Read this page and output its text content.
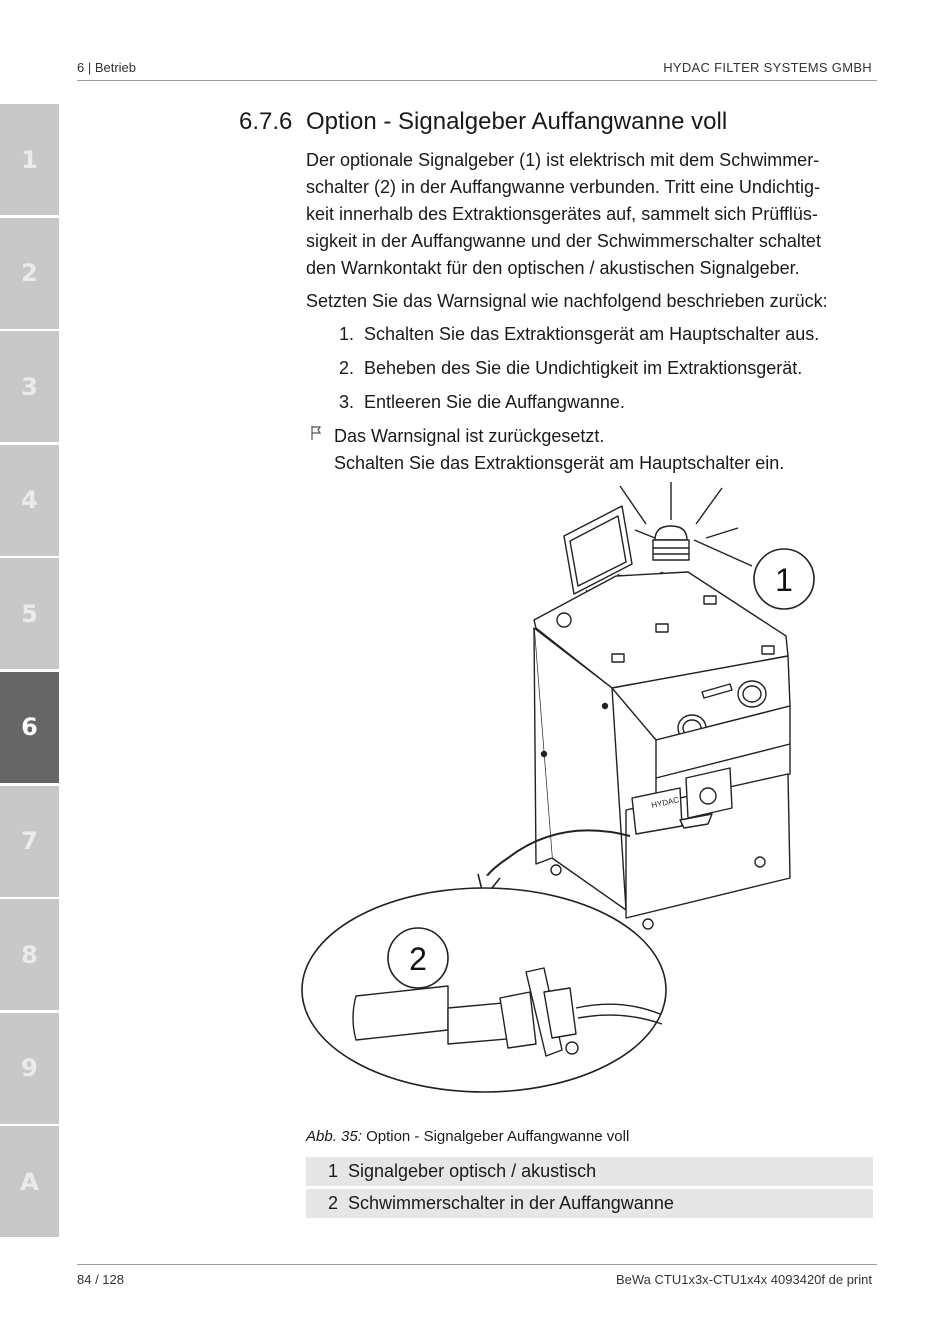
6 | Betrieb	HYDAC FILTER SYSTEMS GMBH
1
2
3
4
5
6
7
8
9
A
6.7.6 Option - Signalgeber Auffangwanne voll

Der optionale Signalgeber (1) ist elektrisch mit dem Schwimmer-
schalter (2) in der Auffangwanne verbunden. Tritt eine Undichtig-
keit innerhalb des Extraktionsgerätes auf, sammelt sich Prüfflüs-
sigkeit in der Auffangwanne und der Schwimmerschalter schaltet
den Warnkontakt für den optischen / akustischen Signalgeber.

Setzten Sie das Warnsignal wie nachfolgend beschrieben zurück:

1. Schalten Sie das Extraktionsgerät am Hauptschalter aus.
2. Beheben des Sie die Undichtigkeit im Extraktionsgerät.
3. Entleeren Sie die Auffangwanne.
Das Warnsignal ist zurückgesetzt.
Schalten Sie das Extraktionsgerät am Hauptschalter ein.
1
HYDAC
2
Abb. 35: Option - Signalgeber Auffangwanne voll
1 Signalgeber optisch / akustisch
2 Schwimmerschalter in der Auffangwanne
84 / 128	BeWa CTU1x3x-CTU1x4x 4093420f de print
